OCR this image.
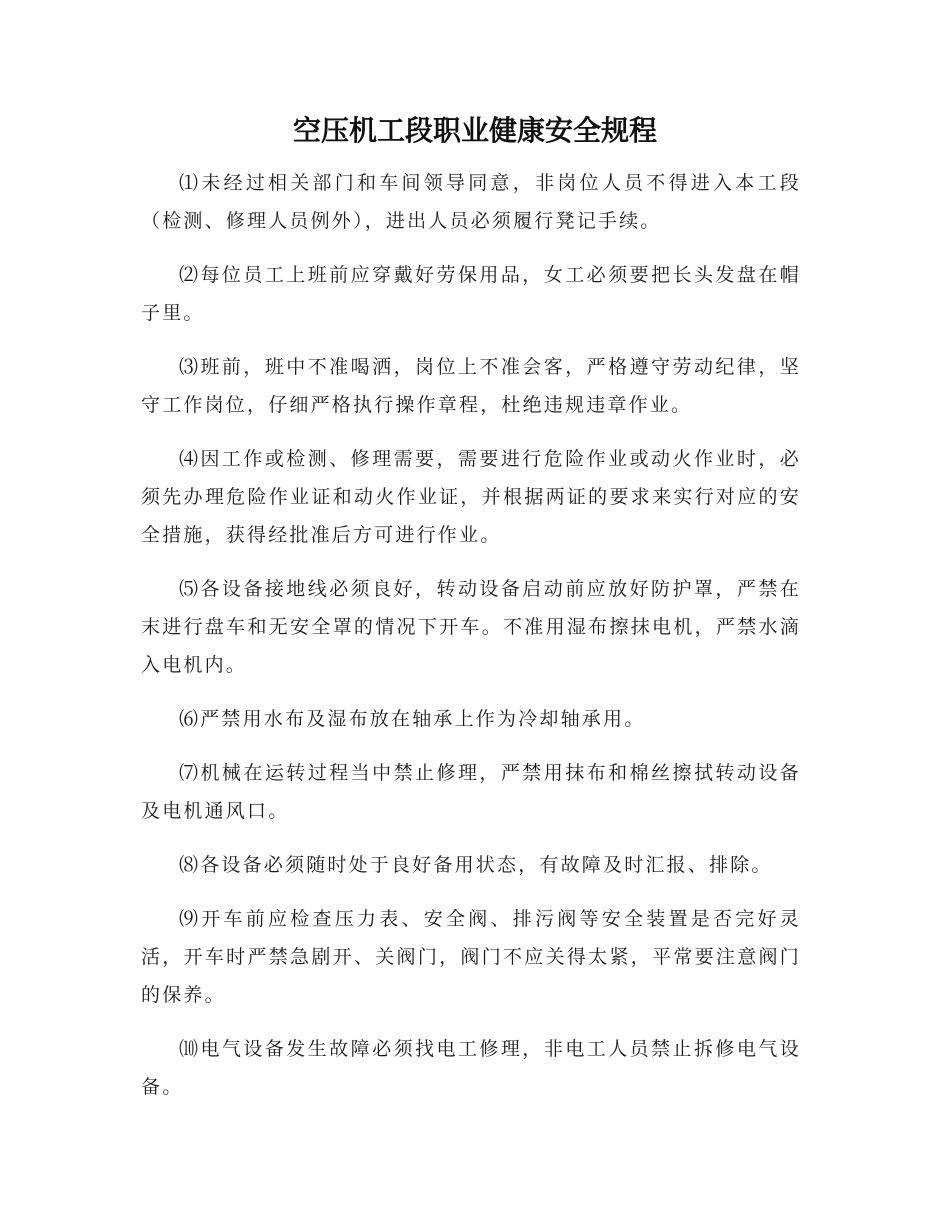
空压机工段职业健康安全规程

⑴未经过相关部门和车间领导同意，非岗位人员不得进入本工段（检测、修理人员例外），进出人员必须履行凳记手续。

⑵每位员工上班前应穿戴好劳保用品，女工必须要把长头发盘在帽子里。

⑶班前，班中不准喝洒，岗位上不准会客，严格遵守劳动纪律，坚守工作岗位，仔细严格执行操作章程，杜绝违规违章作业。

⑷因工作或检测、修理需要，需要进行危险作业或动火作业时，必须先办理危险作业证和动火作业证，并根据两证的要求来实行对应的安全措施，获得经批准后方可进行作业。

⑸各设备接地线必须良好，转动设备启动前应放好防护罩，严禁在末进行盘车和无安全罩的情况下开车。不准用湿布擦抹电机，严禁水滴入电机内。

⑹严禁用水布及湿布放在轴承上作为冷却轴承用。

⑺机械在运转过程当中禁止修理，严禁用抹布和棉丝擦拭转动设备及电机通风口。

⑻各设备必须随时处于良好备用状态，有故障及时汇报、排除。

⑼开车前应检查压力表、安全阀、排污阀等安全装置是否完好灵活，开车时严禁急剧开、关阀门，阀门不应关得太紧，平常要注意阀门的保养。

⑽电气设备发生故障必须找电工修理，非电工人员禁止拆修电气设备。
